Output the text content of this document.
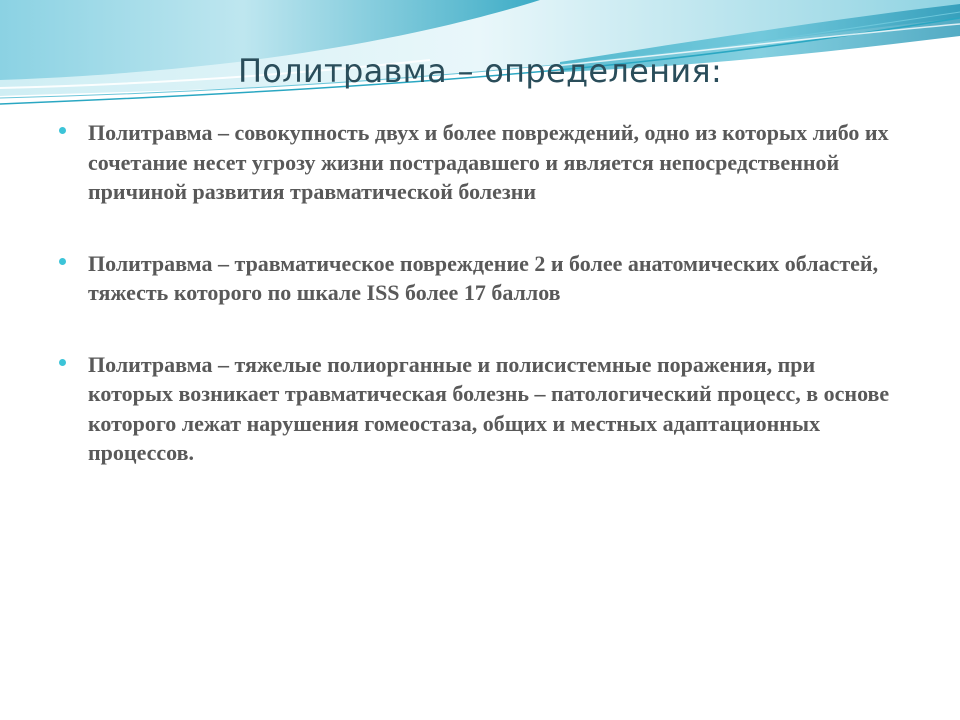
Политравма – определения:
Политравма – совокупность двух и более повреждений, одно из которых либо их сочетание несет угрозу жизни пострадавшего и является непосредственной причиной развития травматической болезни
Политравма – травматическое повреждение 2 и более анатомических областей, тяжесть которого по шкале ISS более 17 баллов
Политравма – тяжелые полиорганные и полисистемные поражения, при которых возникает травматическая болезнь – патологический процесс, в основе которого лежат нарушения гомеостаза, общих и местных адаптационных процессов.
